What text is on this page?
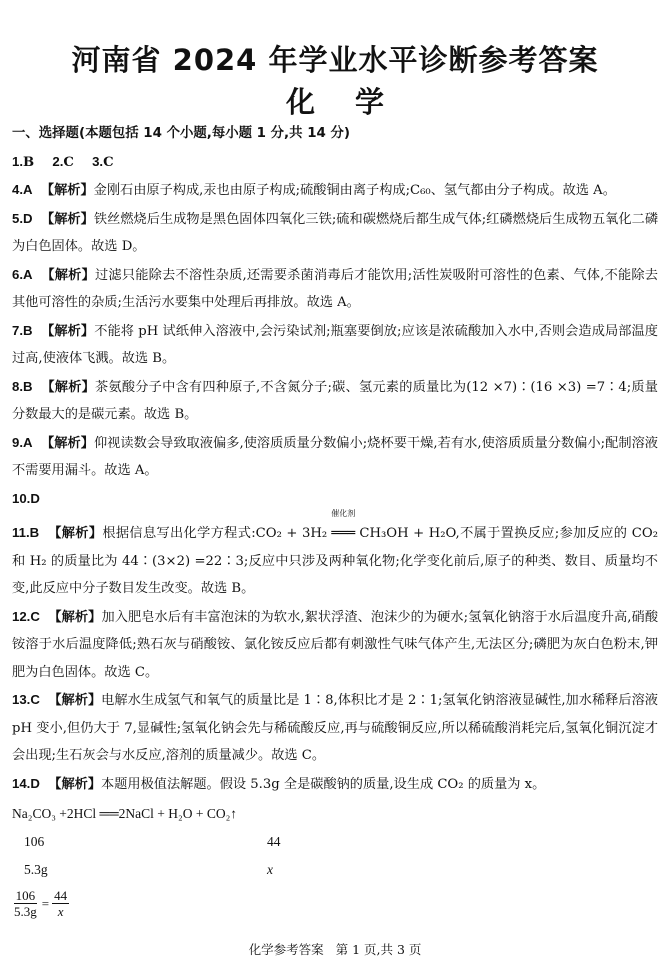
河南省 2024 年学业水平诊断参考答案
化学
一、选择题(本题包括 14 个小题,每小题 1 分,共 14 分)
1.B 2.C 3.C

4.A 【解析】金刚石由原子构成,汞也由原子构成;硫酸铜由离子构成;C₆₀、氢气都由分子构成。故选 A。

5.D 【解析】铁丝燃烧后生成物是黑色固体四氧化三铁;硫和碳燃烧后都生成气体;红磷燃烧后生成物五氧化二磷为白色固体。故选 D。

6.A 【解析】过滤只能除去不溶性杂质,还需要杀菌消毒后才能饮用;活性炭吸附可溶性的色素、气体,不能除去其他可溶性的杂质;生活污水要集中处理后再排放。故选 A。

7.B 【解析】不能将 pH 试纸伸入溶液中,会污染试剂;瓶塞要倒放;应该是浓硫酸加入水中,否则会造成局部温度过高,使液体飞溅。故选 B。

8.B 【解析】茶氨酸分子中含有四种原子,不含氮分子;碳、氢元素的质量比为(12 ×7)∶(16 ×3) =7∶4;质量分数最大的是碳元素。故选 B。

9.A 【解析】仰视读数会导致取液偏多,使溶质质量分数偏小;烧杯要干燥,若有水,使溶质质量分数偏小;配制溶液不需要用漏斗。故选 A。

10.D

11.B 【解析】根据信息写出化学方程式:CO₂ + 3H₂
催化剂
═══ CH₃OH + H₂O,不属于置换反应;参加反应的 CO₂ 和 H₂ 的质量比为 44∶(3×2) =22∶3;反应中只涉及两种氧化物;化学变化前后,原子的种类、数目、质量均不变,此反应中分子数目发生改变。故选 B。

12.C 【解析】加入肥皂水后有丰富泡沫的为软水,絮状浮渣、泡沫少的为硬水;氢氧化钠溶于水后温度升高,硝酸铵溶于水后温度降低;熟石灰与硝酸铵、氯化铵反应后都有刺激性气味气体产生,无法区分;磷肥为灰白色粉末,钾肥为白色固体。故选 C。

13.C 【解析】电解水生成氢气和氧气的质量比是 1∶8,体积比才是 2∶1;氢氧化钠溶液显碱性,加水稀释后溶液 pH 变小,但仍大于 7,显碱性;氢氧化钠会先与稀硫酸反应,再与硫酸铜反应,所以稀硫酸消耗完后,氢氧化铜沉淀才会出现;生石灰会与水反应,溶剂的质量减少。故选 C。

14.D 【解析】本题用极值法解题。假设 5.3g 全是碳酸钠的质量,设生成 CO₂ 的质量为 x。

Na₂CO₃ +2HCl ══2NaCl + H₂O + CO₂↑
106	44
5.3g	x
$\frac{106}{5.3g} = \frac{44}{x}$
化学参考答案 第 1 页,共 3 页
